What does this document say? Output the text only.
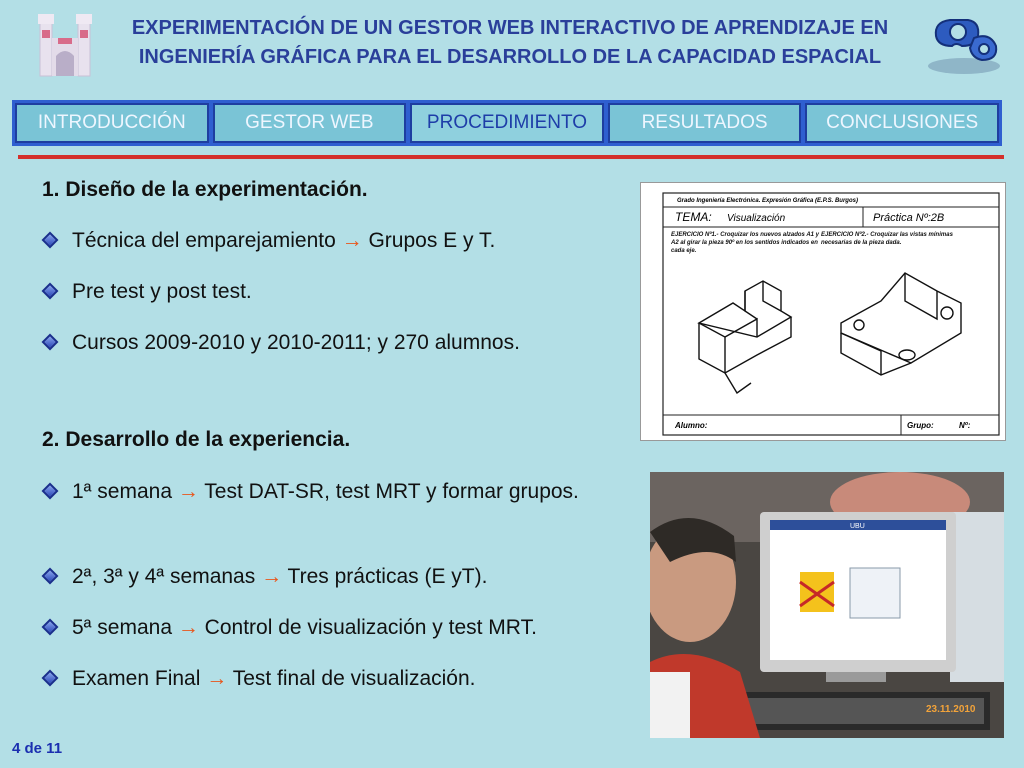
EXPERIMENTACIÓN DE UN GESTOR WEB INTERACTIVO DE APRENDIZAJE EN
INGENIERÍA GRÁFICA PARA EL DESARROLLO DE LA CAPACIDAD ESPACIAL
INTRODUCCIÓN	GESTOR WEB	PROCEDIMIENTO	RESULTADOS	CONCLUSIONES
1. Diseño de la experimentación.
Técnica del emparejamiento → Grupos E y T.
Pre test y post test.
Cursos 2009-2010 y 2010-2011; y 270 alumnos.
2. Desarrollo de la experiencia.
1ª semana → Test DAT-SR, test MRT y formar grupos.
2ª, 3ª y 4ª semanas → Tres prácticas (E yT).
5ª semana → Control de visualización y test MRT.
Examen Final → Test final de visualización.
Grado Ingeniería Electrónica. Expresión Gráfica (E.P.S. Burgos)
TEMA: Visualización	Práctica Nº:2B
EJERCICIO Nº1.- Croquizar los nuevos alzados A1 y A2 al girar la pieza 90º en los sentidos indicados en cada eje.
EJERCICIO Nº2.- Croquizar las vistas mínimas necesarias de la pieza dada.
Alumno:	Grupo:	Nº:
UBU
23.11.2010
4 de 11
